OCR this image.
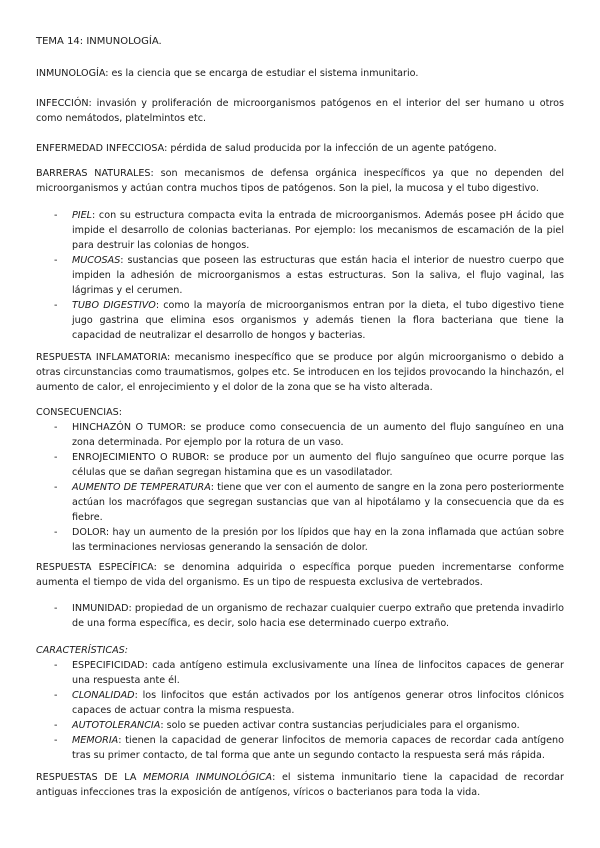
TEMA 14: INMUNOLOGÍA.

INMUNOLOGÍA: es la ciencia que se encarga de estudiar el sistema inmunitario.

INFECCIÓN: invasión y proliferación de microorganismos patógenos en el interior del ser humano u otros como nemátodos, platelmintos etc.

ENFERMEDAD INFECCIOSA: pérdida de salud producida por la infección de un agente patógeno.

BARRERAS NATURALES: son mecanismos de defensa orgánica inespecíficos ya que no dependen del microorganismos y actúan contra muchos tipos de patógenos. Son la piel, la mucosa y el tubo digestivo.

- PIEL: con su estructura compacta evita la entrada de microorganismos. Además posee pH ácido que impide el desarrollo de colonias bacterianas. Por ejemplo: los mecanismos de escamación de la piel para destruir las colonias de hongos.
- MUCOSAS: sustancias que poseen las estructuras que están hacia el interior de nuestro cuerpo que impiden la adhesión de microorganismos a estas estructuras. Son la saliva, el flujo vaginal, las lágrimas y el cerumen.
- TUBO DIGESTIVO: como la mayoría de microorganismos entran por la dieta, el tubo digestivo tiene jugo gastrina que elimina esos organismos y además tienen la flora bacteriana que tiene la capacidad de neutralizar el desarrollo de hongos y bacterias.

RESPUESTA INFLAMATORIA: mecanismo inespecífico que se produce por algún microorganismo o debido a otras circunstancias como traumatismos, golpes etc. Se introducen en los tejidos provocando la hinchazón, el aumento de calor, el enrojecimiento y el dolor de la zona que se ha visto alterada.

CONSECUENCIAS:
- HINCHAZÓN O TUMOR: se produce como consecuencia de un aumento del flujo sanguíneo en una zona determinada. Por ejemplo por la rotura de un vaso.
- ENROJECIMIENTO O RUBOR: se produce por un aumento del flujo sanguíneo que ocurre porque las células que se dañan segregan histamina que es un vasodilatador.
- AUMENTO DE TEMPERATURA: tiene que ver con el aumento de sangre en la zona pero posteriormente actúan los macrófagos que segregan sustancias que van al hipotálamo y la consecuencia que da es fiebre.
- DOLOR: hay un aumento de la presión por los lípidos que hay en la zona inflamada que actúan sobre las terminaciones nerviosas generando la sensación de dolor.

RESPUESTA ESPECÍFICA: se denomina adquirida o específica porque pueden incrementarse conforme aumenta el tiempo de vida del organismo. Es un tipo de respuesta exclusiva de vertebrados.

- INMUNIDAD: propiedad de un organismo de rechazar cualquier cuerpo extraño que pretenda invadirlo de una forma específica, es decir, solo hacia ese determinado cuerpo extraño.
CARACTERÍSTICAS:
- ESPECIFICIDAD: cada antígeno estimula exclusivamente una línea de linfocitos capaces de generar una respuesta ante él.
- CLONALIDAD: los linfocitos que están activados por los antígenos generar otros linfocitos clónicos capaces de actuar contra la misma respuesta.
- AUTOTOLERANCIA: solo se pueden activar contra sustancias perjudiciales para el organismo.
- MEMORIA: tienen la capacidad de generar linfocitos de memoria capaces de recordar cada antígeno tras su primer contacto, de tal forma que ante un segundo contacto la respuesta será más rápida.

RESPUESTAS DE LA MEMORIA INMUNOLÓGICA: el sistema inmunitario tiene la capacidad de recordar antiguas infecciones tras la exposición de antígenos, víricos o bacterianos para toda la vida.
